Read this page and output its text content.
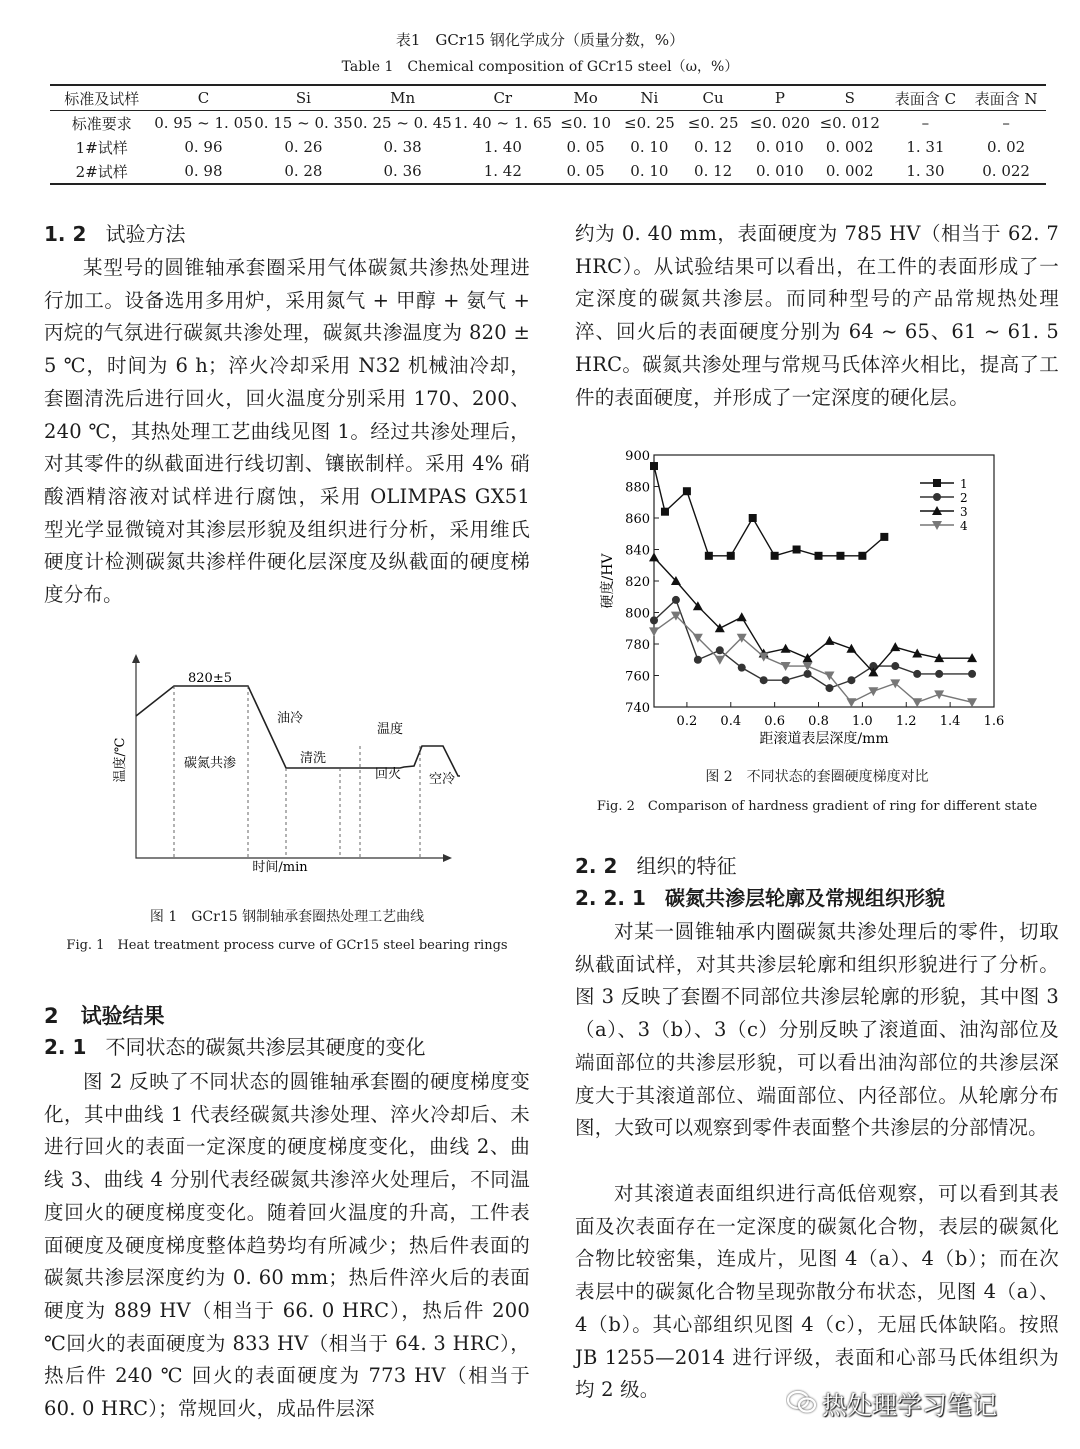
表1　GCr15 钢化学成分（质量分数，%）
Table 1　Chemical composition of GCr15 steel（ω，%）
标准及试样	C	Si	Mn	Cr	Mo	Ni	Cu	P	S	表面含 C	表面含 N
标准要求	0. 95 ~ 1. 05	0. 15 ~ 0. 35	0. 25 ~ 0. 45	1. 40 ~ 1. 65	≤0. 10	≤0. 25	≤0. 25	≤0. 020	≤0. 012	–	–
1#试样	0. 96	0. 26	0. 38	1. 40	0. 05	0. 10	0. 12	0. 010	0. 002	1. 31	0. 02
2#试样	0. 98	0. 28	0. 36	1. 42	0. 05	0. 10	0. 12	0. 010	0. 002	1. 30	0. 022
1. 2 试验方法

某型号的圆锥轴承套圈采用气体碳氮共渗热处理进行加工。设备选用多用炉，采用氮气 + 甲醇 + 氨气 + 丙烷的气氛进行碳氮共渗处理，碳氮共渗温度为 820 ± 5 ℃，时间为 6 h；淬火冷却采用 N32 机械油冷却，套圈清洗后进行回火，回火温度分别采用 170、200、240 ℃，其热处理工艺曲线见图 1。经过共渗处理后，对其零件的纵截面进行线切割、镶嵌制样。采用 4% 硝酸酒精溶液对试样进行腐蚀，采用 OLIMPAS GX51 型光学显微镜对其渗层形貌及组织进行分析，采用维氏硬度计检测碳氮共渗样件硬化层深度及纵截面的硬度梯度分布。

820±5
温度/℃
时间/min
碳氮共渗
油冷
清洗
温度
回火 空冷
图 1　GCr15 钢制轴承套圈热处理工艺曲线
Fig. 1　Heat treatment process curve of GCr15 steel bearing rings
2 试验结果
2. 1 不同状态的碳氮共渗层其硬度的变化

图 2 反映了不同状态的圆锥轴承套圈的硬度梯度变化，其中曲线 1 代表经碳氮共渗处理、淬火冷却后、未进行回火的表面一定深度的硬度梯度变化，曲线 2、曲线 3、曲线 4 分别代表经碳氮共渗淬火处理后，不同温度回火的硬度梯度变化。随着回火温度的升高，工件表面硬度及硬度梯度整体趋势均有所减少；热后件表面的碳氮共渗层深度约为 0. 60 mm；热后件淬火后的表面硬度为 889 HV（相当于 66. 0 HRC），热后件 200 ℃回火的表面硬度为 833 HV（相当于 64. 3 HRC），热后件 240 ℃ 回火的表面硬度为 773 HV（相当于 60. 0 HRC）；常规回火，成品件层深

约为 0. 40 mm，表面硬度为 785 HV（相当于 62. 7 HRC）。从试验结果可以看出，在工件的表面形成了一定深度的碳氮共渗层。而同种型号的产品常规热处理淬、回火后的表面硬度分别为 64 ~ 65、61 ~ 61. 5 HRC。碳氮共渗处理与常规马氏体淬火相比，提高了工件的表面硬度，并形成了一定深度的硬化层。

740
760
780
800
820
840
860
880
900
0.2 0.4 0.6 0.8 1.0 1.2 1.4 1.6
1
2
3
4
硬度/HV
距滚道表层深度/mm
图 2　不同状态的套圈硬度梯度对比
Fig. 2　Comparison of hardness gradient of ring for different state
2. 2 组织的特征
2. 2. 1 碳氮共渗层轮廓及常规组织形貌

对某一圆锥轴承内圈碳氮共渗处理后的零件，切取纵截面试样，对其共渗层轮廓和组织形貌进行了分析。图 3 反映了套圈不同部位共渗层轮廓的形貌，其中图 3（a）、3（b）、3（c）分别反映了滚道面、油沟部位及端面部位的共渗层形貌，可以看出油沟部位的共渗层深度大于其滚道部位、端面部位、内径部位。从轮廓分布图，大致可以观察到零件表面整个共渗层的分部情况。

对其滚道表面组织进行高低倍观察，可以看到其表面及次表面存在一定深度的碳氮化合物，表层的碳氮化合物比较密集，连成片，见图 4（a）、4（b）；而在次表层中的碳氮化合物呈现弥散分布状态，见图 4（a）、4（b）。其心部组织见图 4（c），无屈氏体缺陷。按照 JB 1255—2014 进行评级，表面和心部马氏体组织为均 2 级。

热处理学习笔记
